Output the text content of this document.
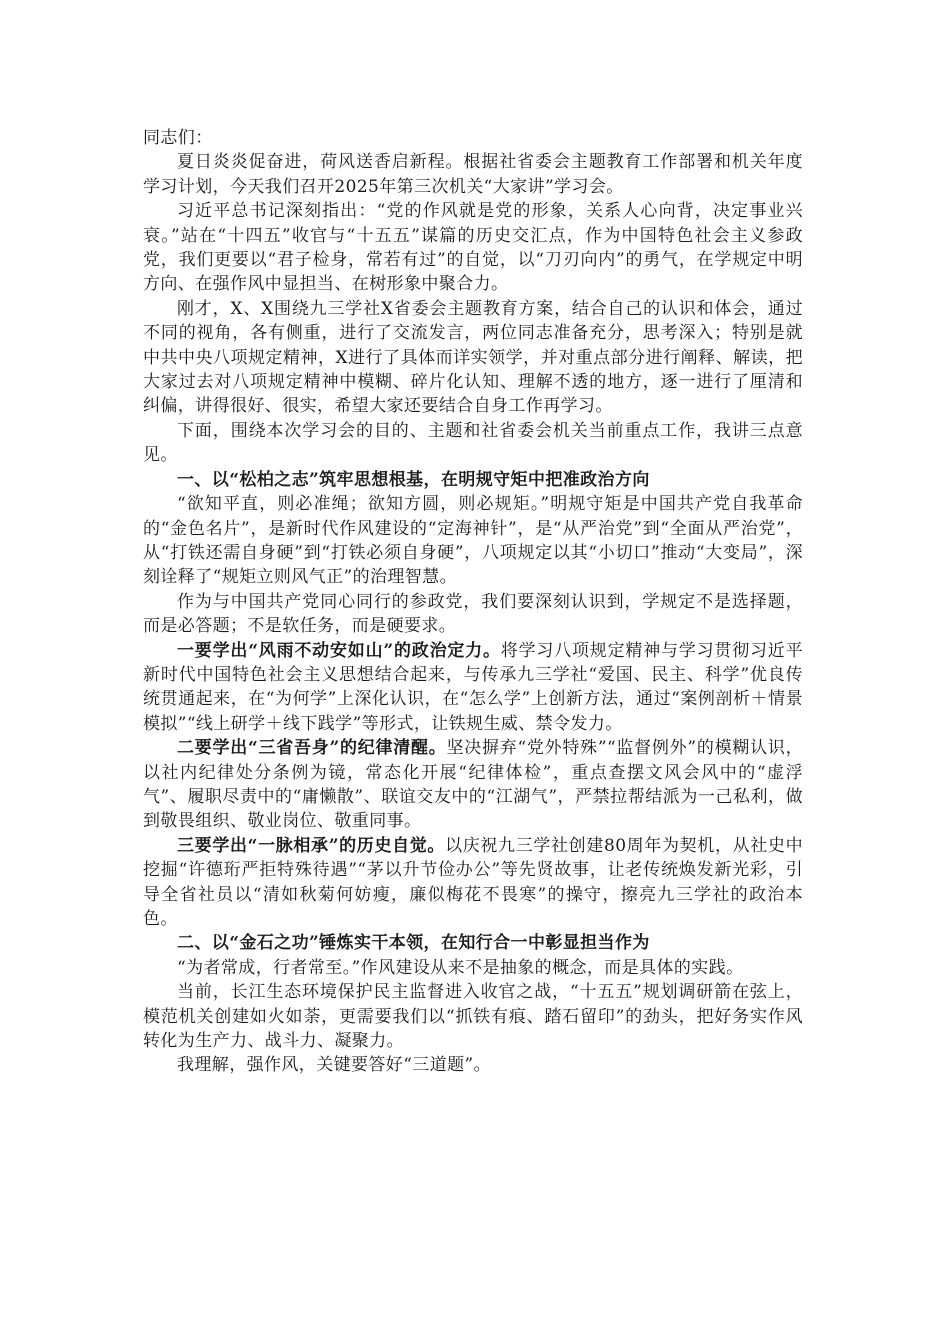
同志们：

夏日炎炎促奋进，荷风送香启新程。根据社省委会主题教育工作部署和机关年度学习计划，今天我们召开2025年第三次机关“大家讲”学习会。

习近平总书记深刻指出：“党的作风就是党的形象，关系人心向背，决定事业兴衰。”站在“十四五”收官与“十五五”谋篇的历史交汇点，作为中国特色社会主义参政党，我们更要以“君子检身，常若有过”的自觉，以“刀刃向内”的勇气，在学规定中明方向、在强作风中显担当、在树形象中聚合力。

刚才，X、X围绕九三学社X省委会主题教育方案，结合自己的认识和体会，通过不同的视角，各有侧重，进行了交流发言，两位同志准备充分，思考深入；特别是就中共中央八项规定精神，X进行了具体而详实领学，并对重点部分进行阐释、解读，把大家过去对八项规定精神中模糊、碎片化认知、理解不透的地方，逐一进行了厘清和纠偏，讲得很好、很实，希望大家还要结合自身工作再学习。

下面，围绕本次学习会的目的、主题和社省委会机关当前重点工作，我讲三点意见。

一、以“松柏之志”筑牢思想根基，在明规守矩中把准政治方向

“欲知平直，则必准绳；欲知方圆，则必规矩。”明规守矩是中国共产党自我革命的“金色名片”，是新时代作风建设的“定海神针”，是“从严治党”到“全面从严治党”，从“打铁还需自身硬”到“打铁必须自身硬”，八项规定以其“小切口”推动“大变局”，深刻诠释了“规矩立则风气正”的治理智慧。

作为与中国共产党同心同行的参政党，我们要深刻认识到，学规定不是选择题，而是必答题；不是软任务，而是硬要求。

一要学出“风雨不动安如山”的政治定力。将学习八项规定精神与学习贯彻习近平新时代中国特色社会主义思想结合起来，与传承九三学社“爱国、民主、科学”优良传统贯通起来，在“为何学”上深化认识，在“怎么学”上创新方法，通过“案例剖析＋情景模拟”“线上研学＋线下践学”等形式，让铁规生威、禁令发力。

二要学出“三省吾身”的纪律清醒。坚决摒弃“党外特殊”“监督例外”的模糊认识，以社内纪律处分条例为镜，常态化开展“纪律体检”，重点查摆文风会风中的“虚浮气”、履职尽责中的“庸懒散”、联谊交友中的“江湖气”，严禁拉帮结派为一己私利，做到敬畏组织、敬业岗位、敬重同事。

三要学出“一脉相承”的历史自觉。以庆祝九三学社创建80周年为契机，从社史中挖掘“许德珩严拒特殊待遇”“茅以升节俭办公”等先贤故事，让老传统焕发新光彩，引导全省社员以“清如秋菊何妨瘦，廉似梅花不畏寒”的操守，擦亮九三学社的政治本色。

二、以“金石之功”锤炼实干本领，在知行合一中彰显担当作为

“为者常成，行者常至。”作风建设从来不是抽象的概念，而是具体的实践。

当前，长江生态环境保护民主监督进入收官之战，“十五五”规划调研箭在弦上，模范机关创建如火如荼，更需要我们以“抓铁有痕、踏石留印”的劲头，把好务实作风转化为生产力、战斗力、凝聚力。

我理解，强作风，关键要答好“三道题”。
